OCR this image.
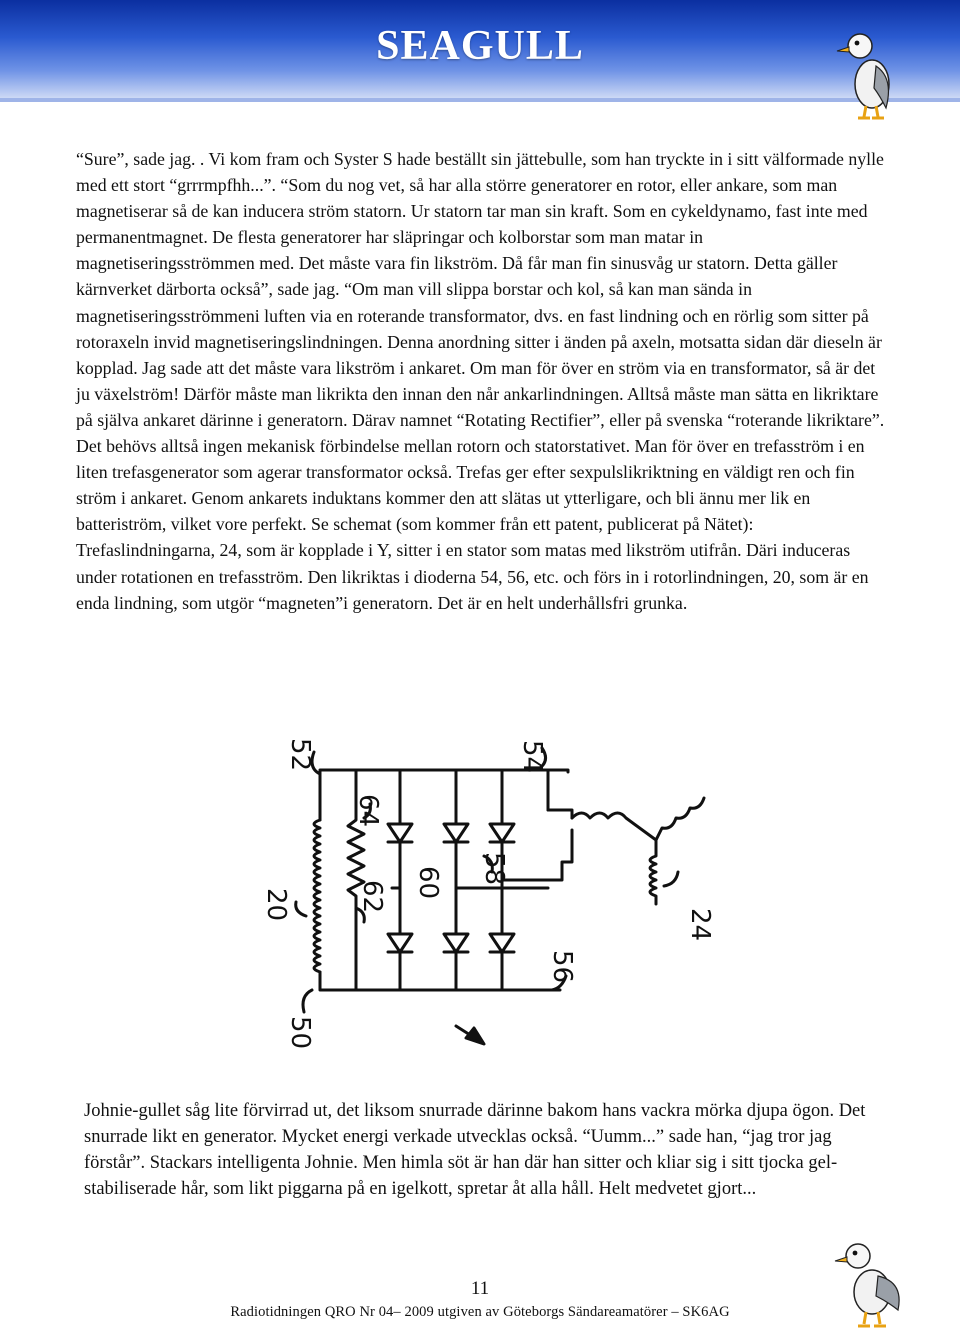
SEAGULL

“Sure”, sade jag. . Vi kom fram och Syster S hade beställt sin jättebulle, som han tryckte in i sitt välformade nylle med ett stort “grrrmpfhh...”. “Som du nog vet, så har alla större generatorer en rotor, eller ankare, som man magnetiserar så de kan inducera ström statorn. Ur statorn tar man sin kraft. Som en cykeldynamo, fast inte med permanentmagnet. De flesta generatorer har släpringar och kolborstar som man matar in magnetiseringsströmmen med. Det måste vara fin likström. Då får man fin sinusvåg ur statorn. Detta gäller kärnverket därborta också”, sade jag. “Om man vill slippa borstar och kol, så kan man sända in magnetiseringsströmmeni luften via en roterande transformator, dvs. en fast lindning och en rörlig som sitter på rotoraxeln invid magnetiseringslindningen. Denna anordning sitter i änden på axeln, motsatta sidan där dieseln är kopplad. Jag sade att det måste vara likström i ankaret. Om man för över en ström via en transformator, så är det ju växelström! Därför måste man likrikta den innan den når ankarlindningen. Alltså måste man sätta en likriktare på själva ankaret därinne i generatorn. Därav namnet “Rotating Rectifier”, eller på svenska “roterande likriktare”. Det behövs alltså ingen mekanisk förbindelse mellan rotorn och statorstativet. Man för över en trefasström i en liten trefasgenerator som agerar transformator också. Trefas ger efter sexpulslikriktning en väldigt ren och fin ström i ankaret. Genom ankarets induktans kommer den att slätas ut ytterligare, och bli ännu mer lik en batteriström, vilket vore perfekt. Se schemat (som kommer från ett patent, publicerat på Nätet): Trefaslindningarna, 24, som är kopplade i Y, sitter i en stator som matas med likström utifrån. Däri induceras under rotationen en trefasström. Den likriktas i dioderna 54, 56, etc. och förs in i rotorlindningen, 20, som är en enda lindning, som utgör “magneten”i generatorn. Det är en helt underhållsfri grunka.

52	54
64
58
60
62
20
24
56
50

Johnie-gullet såg lite förvirrad ut, det liksom snurrade därinne bakom hans vackra mörka djupa ögon. Det snurrade likt en generator. Mycket energi verkade utvecklas också. “Uumm...” sade han, “jag tror jag förstår”. Stackars intelligenta Johnie. Men himla söt är han där han sitter och kliar sig i sitt tjocka gel-stabiliserade hår, som likt piggarna på en igelkott, spretar åt alla håll. Helt medvetet gjort...

11
Radiotidningen QRO Nr 04– 2009 utgiven av Göteborgs Sändareamatörer – SK6AG
